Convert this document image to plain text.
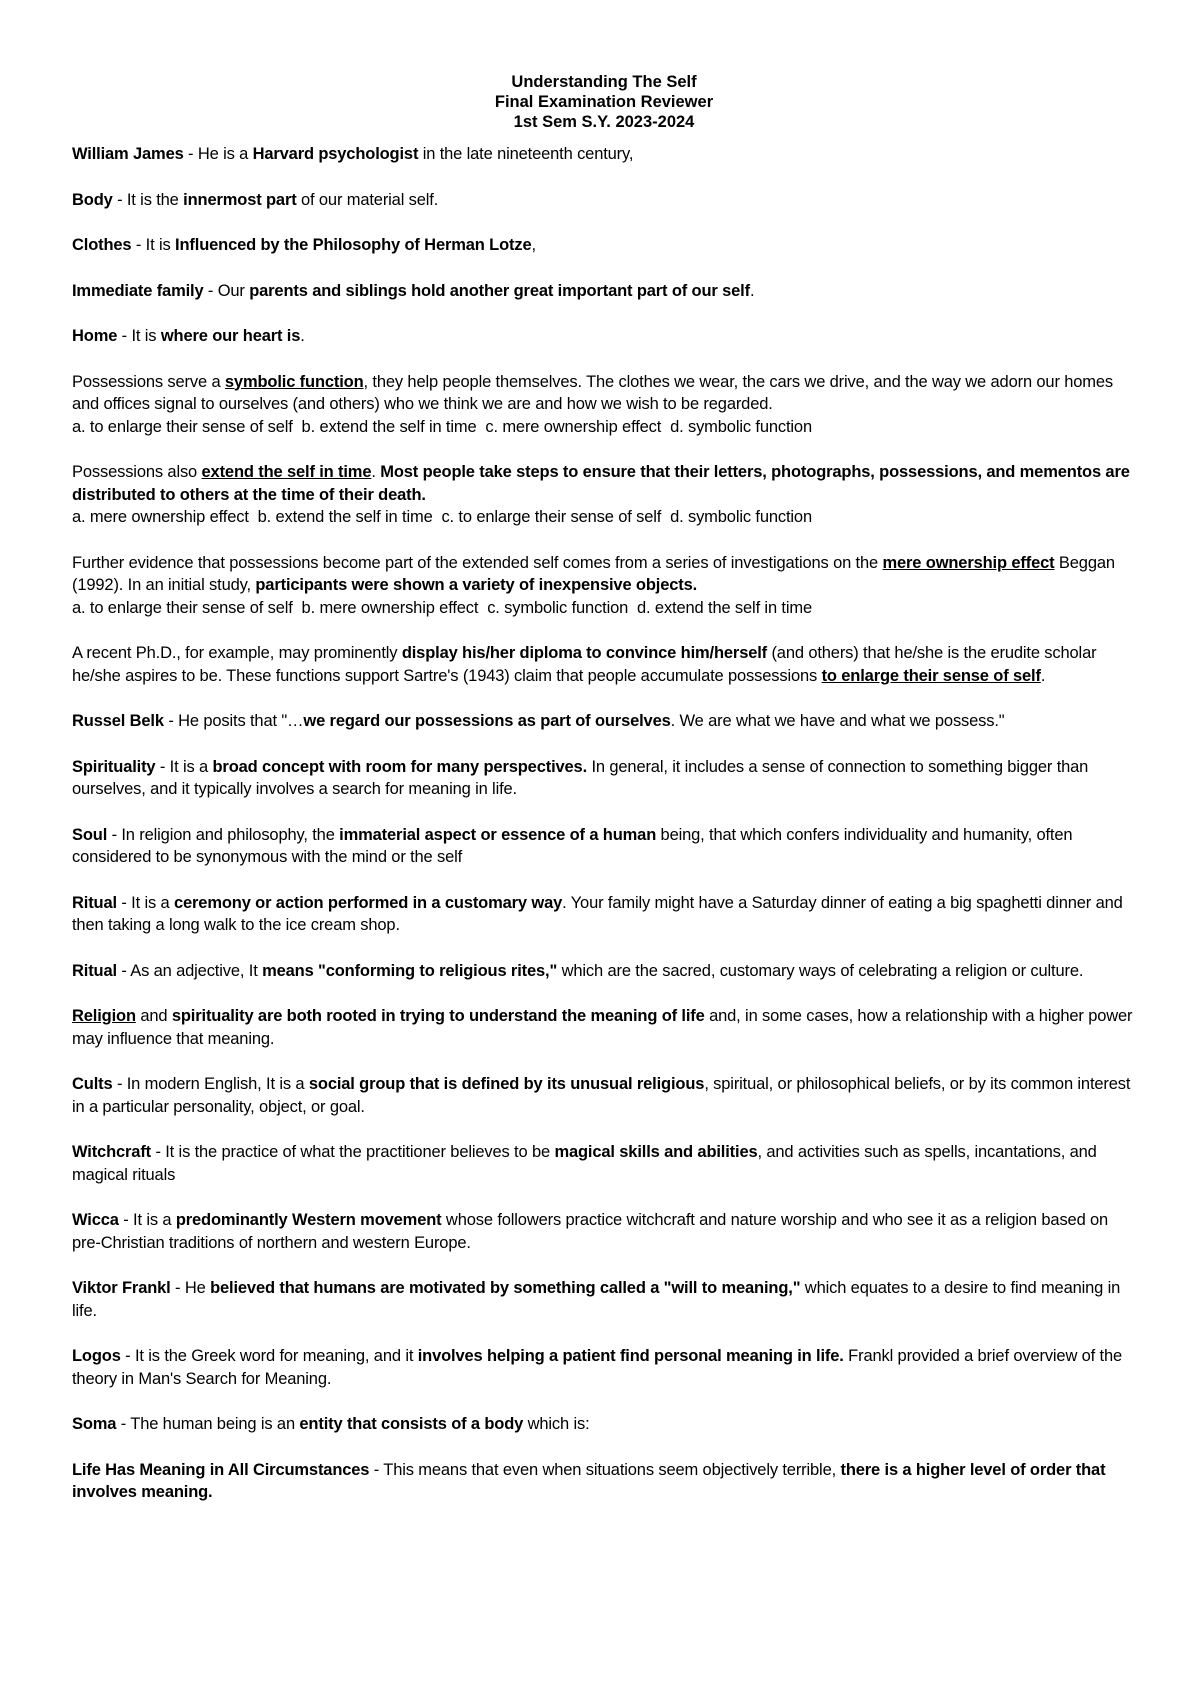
Understanding The Self
Final Examination Reviewer
1st Sem S.Y. 2023-2024

William James - He is a Harvard psychologist in the late nineteenth century,

Body - It is the innermost part of our material self.

Clothes - It is Influenced by the Philosophy of Herman Lotze,

Immediate family - Our parents and siblings hold another great important part of our self.

Home - It is where our heart is.

Possessions serve a symbolic function, they help people themselves. The clothes we wear, the cars we drive, and the way we adorn our homes and offices signal to ourselves (and others) who we think we are and how we wish to be regarded.

a. to enlarge their sense of self  b. extend the self in time  c. mere ownership effect  d. symbolic function

Possessions also extend the self in time. Most people take steps to ensure that their letters, photographs, possessions, and mementos are distributed to others at the time of their death.

a. mere ownership effect  b. extend the self in time  c. to enlarge their sense of self  d. symbolic function

Further evidence that possessions become part of the extended self comes from a series of investigations on the mere ownership effect Beggan (1992). In an initial study, participants were shown a variety of inexpensive objects.

a. to enlarge their sense of self  b. mere ownership effect  c. symbolic function  d. extend the self in time

A recent Ph.D., for example, may prominently display his/her diploma to convince him/herself (and others) that he/she is the erudite scholar he/she aspires to be. These functions support Sartre's (1943) claim that people accumulate possessions to enlarge their sense of self.

Russel Belk - He posits that "…we regard our possessions as part of ourselves. We are what we have and what we possess."

Spirituality - It is a broad concept with room for many perspectives. In general, it includes a sense of connection to something bigger than ourselves, and it typically involves a search for meaning in life.

Soul - In religion and philosophy, the immaterial aspect or essence of a human being, that which confers individuality and humanity, often considered to be synonymous with the mind or the self

Ritual - It is a ceremony or action performed in a customary way. Your family might have a Saturday dinner of eating a big spaghetti dinner and then taking a long walk to the ice cream shop.

Ritual - As an adjective, It means "conforming to religious rites," which are the sacred, customary ways of celebrating a religion or culture.

Religion and spirituality are both rooted in trying to understand the meaning of life and, in some cases, how a relationship with a higher power may influence that meaning.

Cults - In modern English, It is a social group that is defined by its unusual religious, spiritual, or philosophical beliefs, or by its common interest in a particular personality, object, or goal.

Witchcraft - It is the practice of what the practitioner believes to be magical skills and abilities, and activities such as spells, incantations, and magical rituals

Wicca - It is a predominantly Western movement whose followers practice witchcraft and nature worship and who see it as a religion based on pre-Christian traditions of northern and western Europe.

Viktor Frankl - He believed that humans are motivated by something called a "will to meaning," which equates to a desire to find meaning in life.

Logos - It is the Greek word for meaning, and it involves helping a patient find personal meaning in life. Frankl provided a brief overview of the theory in Man's Search for Meaning.

Soma - The human being is an entity that consists of a body which is:

Life Has Meaning in All Circumstances - This means that even when situations seem objectively terrible, there is a higher level of order that involves meaning.
